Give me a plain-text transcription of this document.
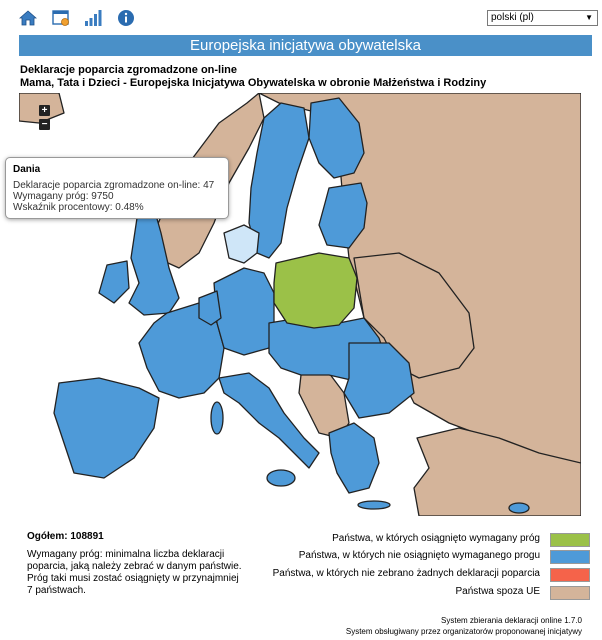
polski (pl)	▼
Europejska inicjatywa obywatelska
Deklaracje poparcia zgromadzone on-line
Mama, Tata i Dzieci - Europejska Inicjatywa Obywatelska w obronie Małżeństwa i Rodziny
+
−
Dania
Deklaracje poparcia zgromadzone on-line: 47
Wymagany próg: 9750
Wskaźnik procentowy: 0.48%
Ogółem: 108891
Wymagany próg: minimalna liczba deklaracji poparcia, jaką należy zebrać w danym państwie. Próg taki musi zostać osiągnięty w przynajmniej 7 państwach.
Państwa, w których osiągnięto wymagany próg
Państwa, w których nie osiągnięto wymaganego progu
Państwa, w których nie zebrano żadnych deklaracji poparcia
Państwa spoza UE
System zbierania deklaracji online 1.7.0
System obsługiwany przez organizatorów proponowanej inicjatywy
